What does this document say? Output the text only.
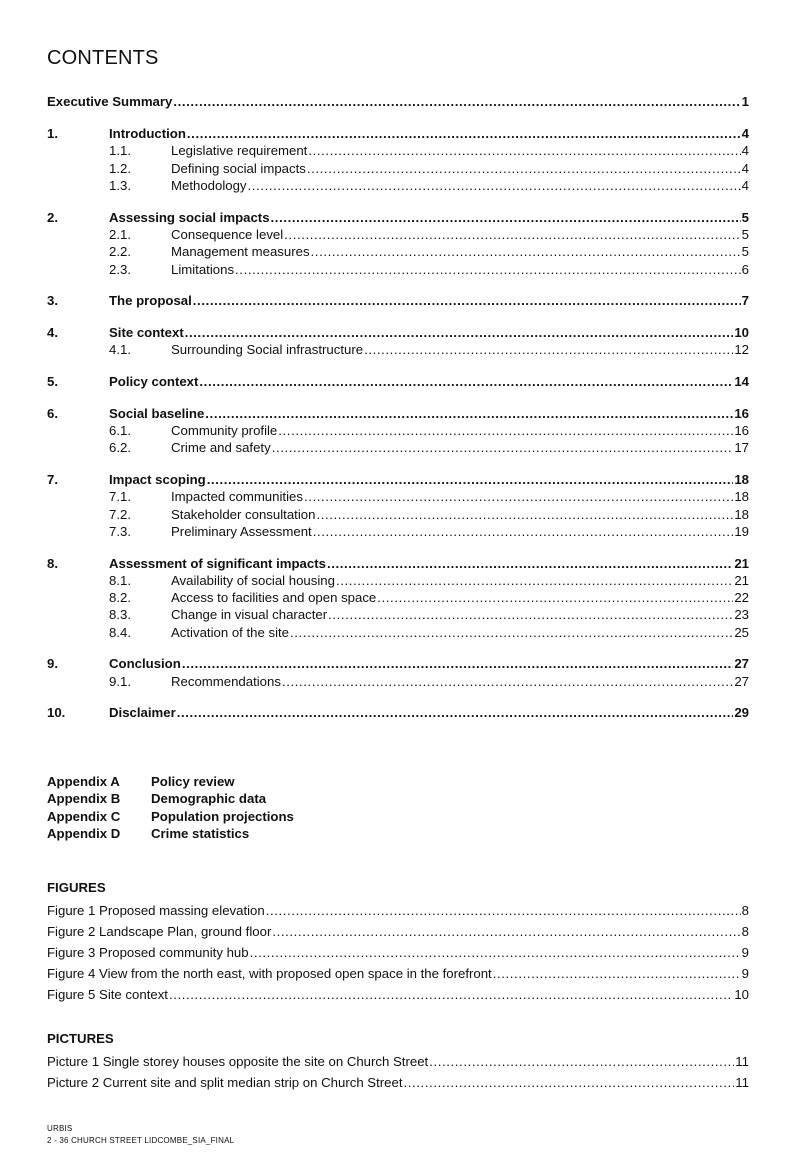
CONTENTS
Executive Summary .....	1
1.	Introduction .....	4
1.1.	Legislative requirement .....	4
1.2.	Defining social impacts .....	4
1.3.	Methodology .....	4
2.	Assessing social impacts .....	5
2.1.	Consequence level .....	5
2.2.	Management measures .....	5
2.3.	Limitations .....	6
3.	The proposal .....	7
4.	Site context .....	10
4.1.	Surrounding Social infrastructure .....	12
5.	Policy context .....	14
6.	Social baseline .....	16
6.1.	Community profile .....	16
6.2.	Crime and safety .....	17
7.	Impact scoping .....	18
7.1.	Impacted communities .....	18
7.2.	Stakeholder consultation .....	18
7.3.	Preliminary Assessment .....	19
8.	Assessment of significant impacts .....	21
8.1.	Availability of social housing .....	21
8.2.	Access to facilities and open space .....	22
8.3.	Change in visual character .....	23
8.4.	Activation of the site .....	25
9.	Conclusion .....	27
9.1.	Recommendations .....	27
10.	Disclaimer .....	29
Appendix A Policy review
Appendix B Demographic data
Appendix C Population projections
Appendix D Crime statistics
FIGURES
Figure 1 Proposed massing elevation .....	8
Figure 2 Landscape Plan, ground floor .....	8
Figure 3 Proposed community hub .....	9
Figure 4 View from the north east, with proposed open space in the forefront .....	9
Figure 5 Site context .....	10
PICTURES
Picture 1 Single storey houses opposite the site on Church Street .....	11
Picture 2 Current site and split median strip on Church Street .....	11
URBIS
2 - 36 CHURCH STREET LIDCOMBE_SIA_FINAL
